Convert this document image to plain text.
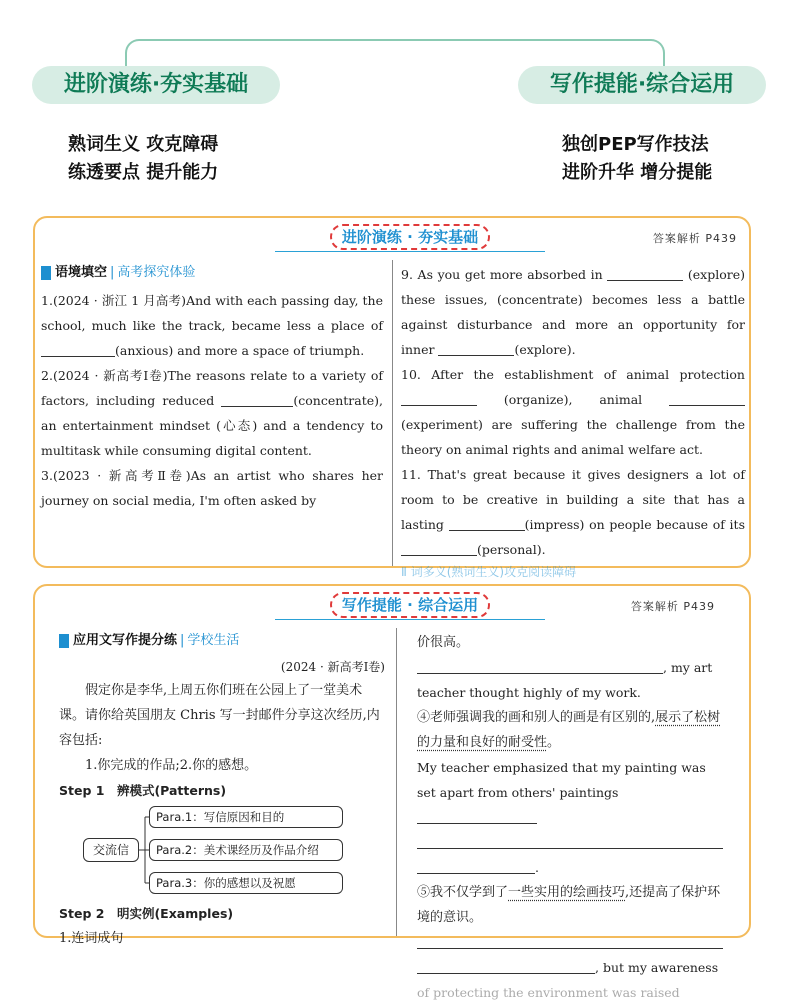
进阶演练·夯实基础	写作提能·综合运用
熟词生义 攻克障碍
练透要点 提升能力
独创PEP写作技法
进阶升华 增分提能
进阶演练 · 夯实基础	答案解析 P439
语境填空 | 高考探究体验
1.(2024 · 浙江 1 月高考)And with each passing day, the school, much like the track, became less a place of (anxious) and more a space of triumph.
2.(2024 · 新高考Ⅰ卷)The reasons relate to a variety of factors, including reduced	(concentrate), an entertainment mindset (心态) and a tendency to multitask while consuming digital content.
3.(2023 · 新高考Ⅱ卷)As an artist who shares her journey on social media, I'm often asked by
9. As you get more absorbed in	(explore) these issues, (concentrate) becomes less a battle against disturbance and more an opportunity for inner	(explore).
10. After the establishment of animal protection  (organize), animal  (experiment) are suffering the challenge from the theory on animal rights and animal welfare act.
11. That's great because it gives designers a lot of room to be creative in building a site that has a lasting	(impress) on people because of its (personal).
Ⅱ 词多义(熟词生义)攻克阅读障碍
写作提能 · 综合运用	答案解析 P439
应用文写作提分练 | 学校生活
(2024 · 新高考Ⅰ卷)
假定你是李华,上周五你们班在公园上了一堂美术课。请你给英国朋友 Chris 写一封邮件分享这次经历,内容包括:
1.你完成的作品;2.你的感想。
Step 1　辨模式(Patterns)
交流信
Para.1：写信原因和目的
Para.2：美术课经历及作品介绍
Para.3：你的感想以及祝愿
Step 2　明实例(Examples)
1.连词成句
价很高。
, my art
teacher thought highly of my work.
④老师强调我的画和别人的画是有区别的,展示了松树的力量和良好的耐受性。
My teacher emphasized that my painting was set apart from others' paintings
.
⑤我不仅学到了一些实用的绘画技巧,还提高了保护环境的意识。
, but my awareness
of protecting the environment was raised
